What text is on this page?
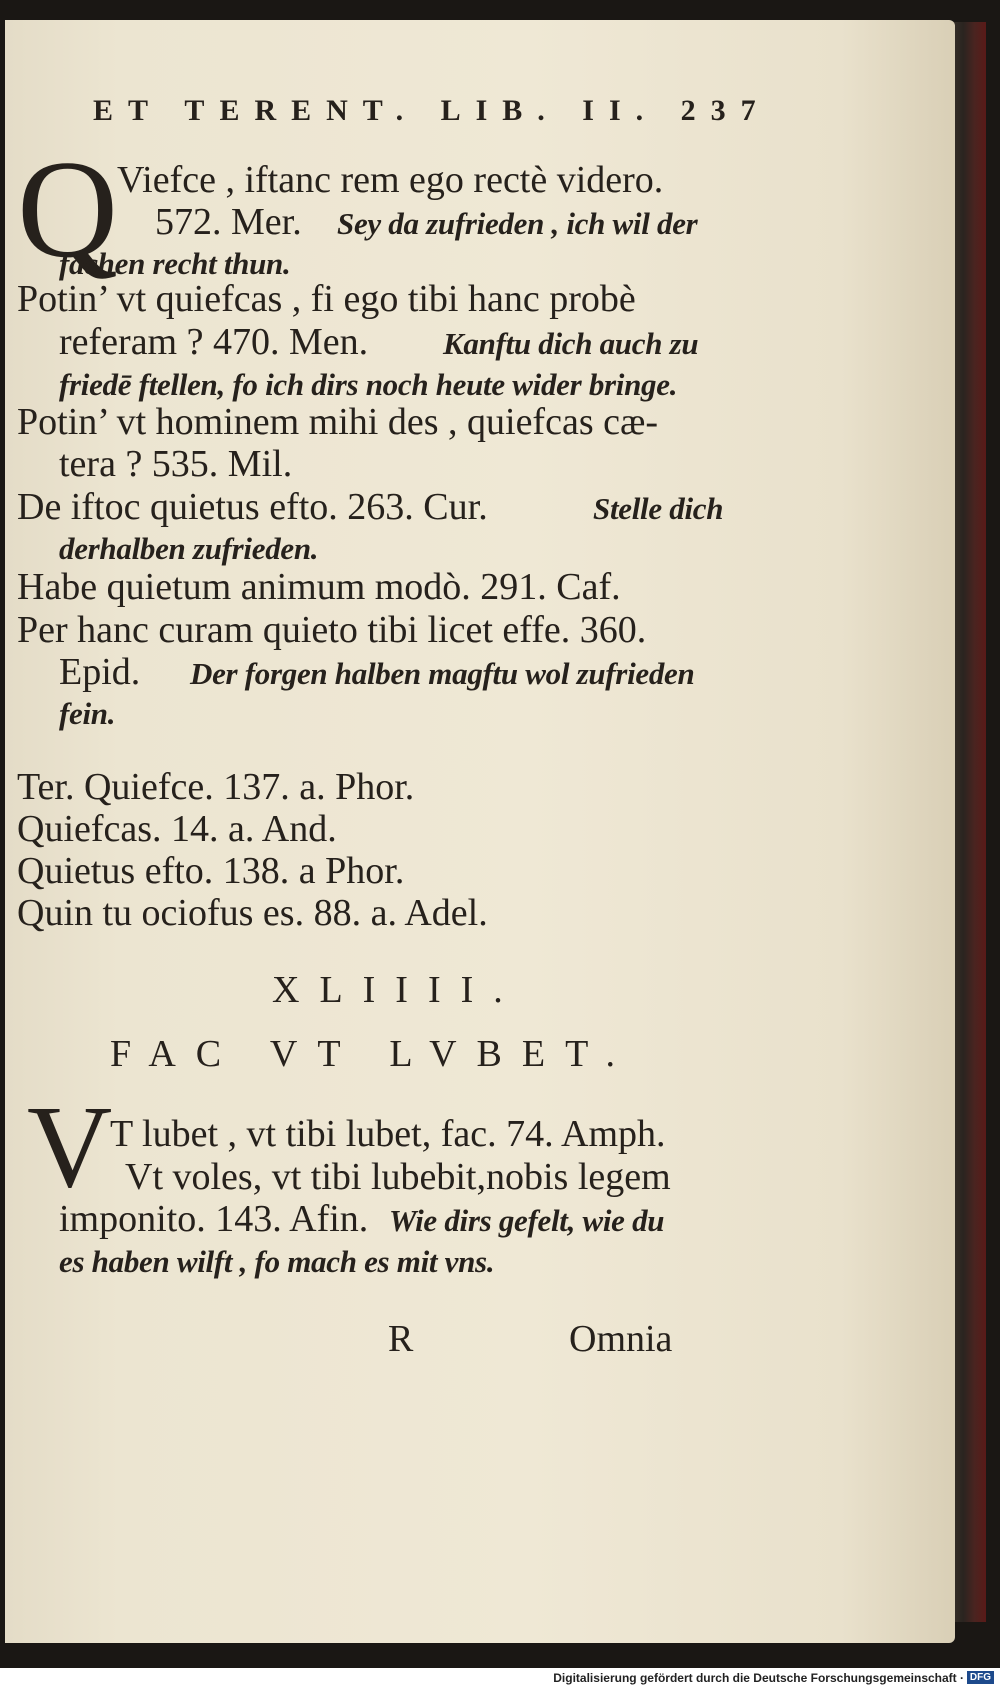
ET TERENT. LIB. II. 237
Q
Viefce , iftanc rem ego rectè videro.
572. Mer. Sey da zufrieden , ich wil der
fachen recht thun.
Potin’ vt quiefcas , fi ego tibi hanc probè
referam ? 470. Men. Kanftu dich auch zu
friedē ftellen, fo ich dirs noch heute wider bringe.
Potin’ vt hominem mihi des , quiefcas cæ-
tera ? 535. Mil.
De iftoc quietus efto. 263. Cur.	Stelle dich
derhalben zufrieden.
Habe quietum animum modò. 291. Caf.
Per hanc curam quieto tibi licet effe. 360.
Epid. Der forgen halben magftu wol zufrieden
fein.
Ter. Quiefce. 137. a. Phor.
Quiefcas. 14. a. And.
Quietus efto. 138. a Phor.
Quin tu ociofus es. 88. a. Adel.
XLIIII.
FAC VT LVBET.
V
T lubet , vt tibi lubet, fac. 74. Amph.
Vt voles, vt tibi lubebit,nobis legem
imponito. 143. Afin. Wie dirs gefelt, wie du
es haben wilft , fo mach es mit vns.
R	Omnia
Digitalisierung gefördert durch die Deutsche Forschungsgemeinschaft · DFG
